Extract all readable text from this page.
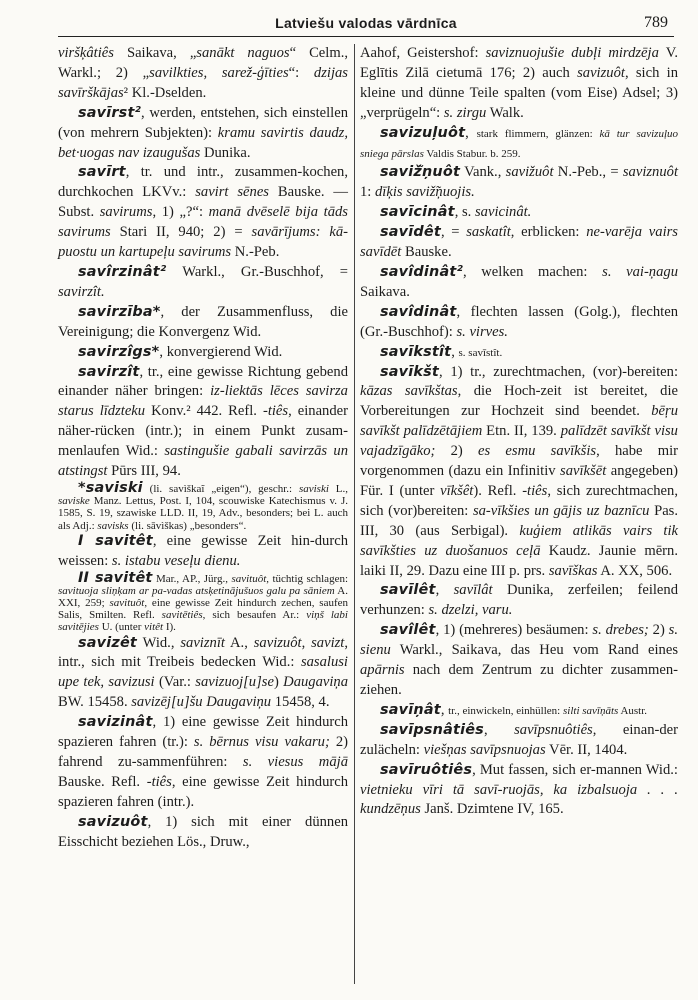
Latviešu valodas vārdnīca	789

viršķâtiês Saikava, „sanākt naguos“ Celm., Warkl.; 2) „savilkties, sarež-ģīties“: dzijas savīrškājas² Kl.-Dselden.

savīrst², werden, entstehen, sich einstellen (von mehrern Subjekten): kramu savirtis daudz, bet·uogas nav izaugušas Dunika.

savīrt, tr. und intr., zusammen-kochen, durchkochen LKVv.: savirt sēnes Bauske. — Subst. savirums, 1) „?“: manā dvēselē bija tāds savirums Stari II, 940; 2) = savārījums: kā-puostu un kartupeļu savirums N.-Peb.

savîrzinât² Warkl., Gr.-Buschhof, = savirzît.

savirzība*, der Zusammenfluss, die Vereinigung; die Konvergenz Wid.

savirzîgs*, konvergierend Wid.

savirzît, tr., eine gewisse Richtung gebend einander näher bringen: iz-liektās lēces savirza starus līdzteku Konv.² 442. Refl. -tiês, einander näher-rücken (intr.); in einem Punkt zusam-menlaufen Wid.: sastingušie gabali savirzās un atstingst Pūrs III, 94.

*saviski (li. savìškaĩ „eigen“), geschr.: saviski L., saviske Manz. Lettus, Post. I, 104, scouwiske Katechismus v. J. 1585, S. 19, szawiske LLD. II, 19, Adv., besonders; bei L. auch als Adj.: savisks (li. sāvìškas) „besonders“.

I savitêt, eine gewisse Zeit hin-durch weissen: s. istabu veseļu dienu.

II savitêt Mar., AP., Jürg., savituôt, tüchtig schlagen: savituoja sliņķam ar pa-vadas atsķetinājušuos galu pa sāniem A. XXI, 259; savituôt, eine gewisse Zeit hindurch zechen, saufen Salis, Smilten. Refl. savitētiês, sich besaufen Ar.: viņš labi savitējies U. (unter vitêt I).

savizêt Wid., saviznīt A., savizuôt, savizt, intr., sich mit Treibeis bedecken Wid.: sasalusi upe tek, savizusi (Var.: savizuoj[u]se) Daugaviņa BW. 15458. savizēj[u]šu Daugaviņu 15458, 4.

savizinât, 1) eine gewisse Zeit hindurch spazieren fahren (tr.): s. bērnus visu vakaru; 2) fahrend zu-sammenführen: s. viesus mājā Bauske. Refl. -tiês, eine gewisse Zeit hindurch spazieren fahren (intr.).

savizuôt, 1) sich mit einer dünnen Eisschicht beziehen Lös., Druw.,

Aahof, Geistershof: saviznuojušie dubļi mirdzēja V. Eglītis Zilā cietumā 176; 2) auch savizuôt, sich in kleine und dünne Teile spalten (vom Eise) Adsel; 3) „verprügeln“: s. zirgu Walk.

savizuļuôt, stark flimmern, glänzen: kā tur savizuļuo sniega pārslas Valdis Stabur. b. 259.

saviž̃ņuôt Vank., savižuôt N.-Peb., = saviznuôt 1: dīķis saviž̃ņuojis.

savīcinât, s. savicinât.

savīdêt, = saskatît, erblicken: ne-varēja vairs savīdēt Bauske.

savîdinât², welken machen: s. vai-ņagu Saikava.

savîdinât, flechten lassen (Golg.), flechten (Gr.-Buschhof): s. virves.

savīkstît, s. savīstît.

savīkšt, 1) tr., zurechtmachen, (vor)-bereiten: kāzas savīkštas, die Hoch-zeit ist bereitet, die Vorbereitungen zur Hochzeit sind beendet. bēŗu savīkšt palīdzētājiem Etn. II, 139. palīdzēt savīkšt visu vajadzīgāko; 2) es esmu savīkšis, habe mir vorgenommen (dazu ein Infinitiv savīkšēt angegeben) Für. I (unter vīkšêt). Refl. -tiês, sich zurechtmachen, sich (vor)bereiten: sa-vīkšies un gājis uz baznīcu Pas. III, 30 (aus Serbigal). kuģiem atlikās vairs tik savīkšties uz duošanuos ceļā Kaudz. Jaunie mērn. laiki II, 29. Dazu eine III p. prs. savīškas A. XX, 506.

savīlêt, savīlât Dunika, zerfeilen; feilend verhunzen: s. dzelzi, varu.

savîlêt, 1) (mehreres) besäumen: s. drebes; 2) s. sienu Warkl., Saikava, das Heu vom Rand eines apārnis nach dem Zentrum zu dichter zusammen-ziehen.

savīņât, tr., einwickeln, einhüllen: silti savīņāts Austr.

savīpsnâtiês, savīpsnuôtiês, einan-der zulächeln: viešņas savīpsnuojas Vēr. II, 1404.

savīruôtiês, Mut fassen, sich er-mannen Wid.: vietnieku vīri tā savī-ruojās, ka izbalsuoja . . . kundzēņus Janš. Dzimtene IV, 165.
